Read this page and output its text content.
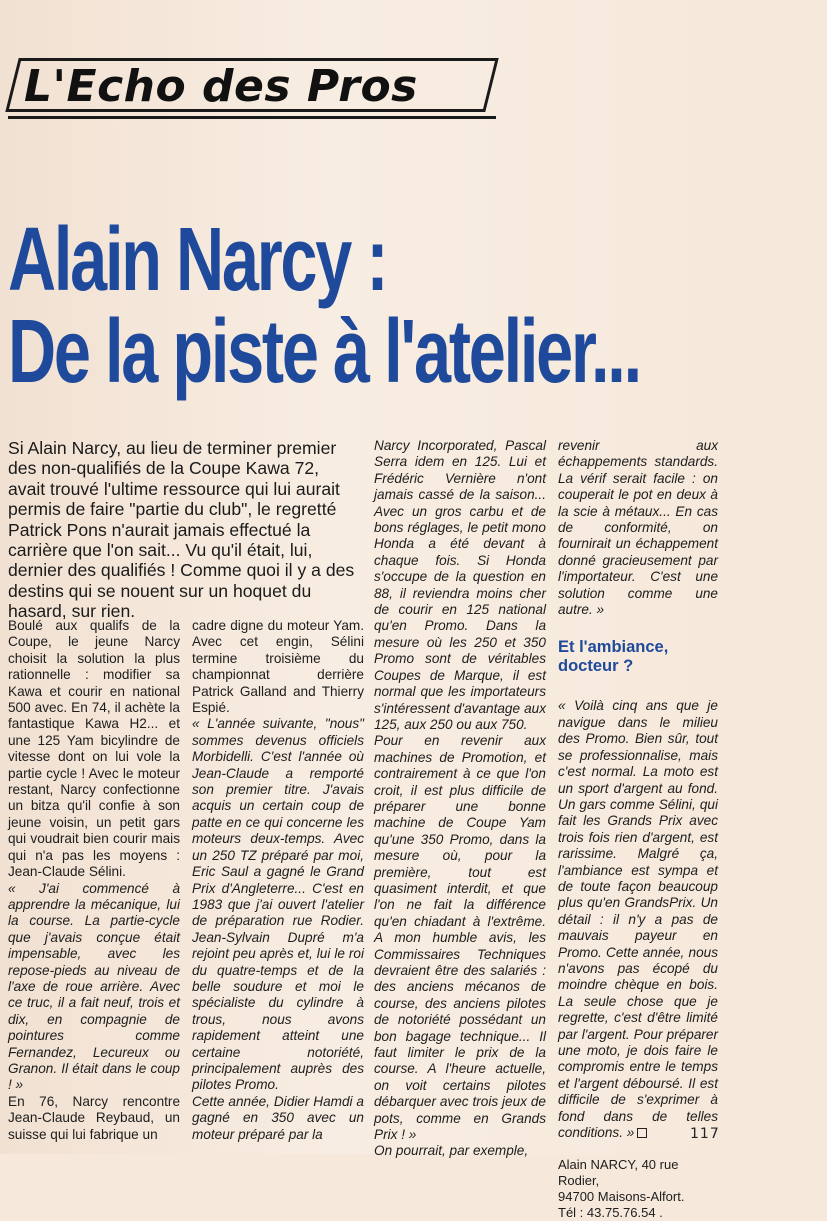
L'Echo des Pros
Alain Narcy :
De la piste à l'atelier...

Si Alain Narcy, au lieu de terminer premier des non-qualifiés de la Coupe Kawa 72, avait trouvé l'ultime ressource qui lui aurait permis de faire "partie du club", le regretté Patrick Pons n'aurait jamais effectué la carrière que l'on sait... Vu qu'il était, lui, dernier des qualifiés ! Comme quoi il y a des destins qui se nouent sur un hoquet du hasard, sur rien.

Boulé aux qualifs de la Coupe, le jeune Narcy choisit la solution la plus rationnelle : modifier sa Kawa et courir en national 500 avec. En 74, il achète la fantastique Kawa H2... et une 125 Yam bicylindre de vitesse dont on lui vole la partie cycle ! Avec le moteur restant, Narcy confectionne un bitza qu'il confie à son jeune voisin, un petit gars qui voudrait bien courir mais qui n'a pas les moyens : Jean-Claude Sélini.

« J'ai commencé à apprendre la mécanique, lui la course. La partie-cycle que j'avais conçue était impensable, avec les repose-pieds au niveau de l'axe de roue arrière. Avec ce truc, il a fait neuf, trois et dix, en compagnie de pointures comme Fernandez, Lecureux ou Granon. Il était dans le coup ! »

En 76, Narcy rencontre Jean-Claude Reybaud, un suisse qui lui fabrique un

cadre digne du moteur Yam. Avec cet engin, Sélini termine troisième du championnat derrière Patrick Galland and Thierry Espié.

« L'année suivante, "nous" sommes devenus officiels Morbidelli. C'est l'année où Jean-Claude a remporté son premier titre. J'avais acquis un certain coup de patte en ce qui concerne les moteurs deux-temps. Avec un 250 TZ préparé par moi, Eric Saul a gagné le Grand Prix d'Angleterre... C'est en 1983 que j'ai ouvert l'atelier de préparation rue Rodier. Jean-Sylvain Dupré m'a rejoint peu après et, lui le roi du quatre-temps et de la belle soudure et moi le spécialiste du cylindre à trous, nous avons rapidement atteint une certaine notoriété, principalement auprès des pilotes Promo.

Cette année, Didier Hamdi a gagné en 350 avec un moteur préparé par la

Narcy Incorporated, Pascal Serra idem en 125. Lui et Frédéric Vernière n'ont jamais cassé de la saison... Avec un gros carbu et de bons réglages, le petit mono Honda a été devant à chaque fois. Si Honda s'occupe de la question en 88, il reviendra moins cher de courir en 125 national qu'en Promo. Dans la mesure où les 250 et 350 Promo sont de véritables Coupes de Marque, il est normal que les importateurs s'intéressent d'avantage aux 125, aux 250 ou aux 750.

Pour en revenir aux machines de Promotion, et contrairement à ce que l'on croit, il est plus difficile de préparer une bonne machine de Coupe Yam qu'une 350 Promo, dans la mesure où, pour la première, tout est quasiment interdit, et que l'on ne fait la différence qu'en chiadant à l'extrême. A mon humble avis, les Commissaires Techniques devraient être des salariés : des anciens mécanos de course, des anciens pilotes de notoriété possédant un bon bagage technique... Il faut limiter le prix de la course. A l'heure actuelle, on voit certains pilotes débarquer avec trois jeux de pots, comme en Grands Prix ! »

On pourrait, par exemple,

revenir aux échappements standards. La vérif serait facile : on couperait le pot en deux à la scie à métaux... En cas de conformité, on fournirait un échappement donné gracieusement par l'importateur. C'est une solution comme une autre. »

Et l'ambiance, docteur ?

« Voilà cinq ans que je navigue dans le milieu des Promo. Bien sûr, tout se professionnalise, mais c'est normal. La moto est un sport d'argent au fond. Un gars comme Sélini, qui fait les Grands Prix avec trois fois rien d'argent, est rarissime. Malgré ça, l'ambiance est sympa et de toute façon beaucoup plus qu'en GrandsPrix. Un détail : il n'y a pas de mauvais payeur en Promo. Cette année, nous n'avons pas écopé du moindre chèque en bois. La seule chose que je regrette, c'est d'être limité par l'argent. Pour préparer une moto, je dois faire le compromis entre le temps et l'argent déboursé. Il est difficile de s'exprimer à fond dans de telles conditions. »

Alain NARCY, 40 rue Rodier,
94700 Maisons-Alfort.
Tél : 43.75.76.54 .
117
